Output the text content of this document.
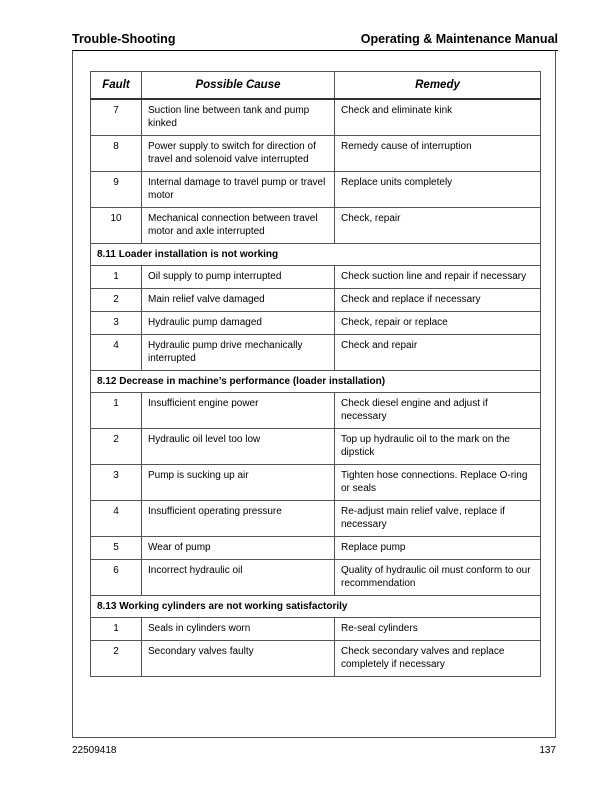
Trouble-Shooting	Operating & Maintenance Manual
Fault	Possible Cause	Remedy
7	Suction line between tank and pump kinked	Check and eliminate kink
8	Power supply to switch for direction of travel and solenoid valve interrupted	Remedy cause of interruption
9	Internal damage to travel pump or travel motor	Replace units completely
10	Mechanical connection between travel motor and axle interrupted	Check, repair
8.11 Loader installation is not working		
1	Oil supply to pump interrupted	Check suction line and repair if necessary
2	Main relief valve damaged	Check and replace if necessary
3	Hydraulic pump damaged	Check, repair or replace
4	Hydraulic pump drive mechanically interrupted	Check and repair
8.12 Decrease in machine’s performance (loader installation)		
1	Insufficient engine power	Check diesel engine and adjust if necessary
2	Hydraulic oil level too low	Top up hydraulic oil to the mark on the dipstick
3	Pump is sucking up air	Tighten hose connections. Replace O-ring or seals
4	Insufficient operating pressure	Re-adjust main relief valve, replace if necessary
5	Wear of pump	Replace pump
6	Incorrect hydraulic oil	Quality of hydraulic oil must conform to our recommendation
8.13 Working cylinders are not working satisfactorily		
1	Seals in cylinders worn	Re-seal cylinders
2	Secondary valves faulty	Check secondary valves and replace completely if necessary
22509418	137
